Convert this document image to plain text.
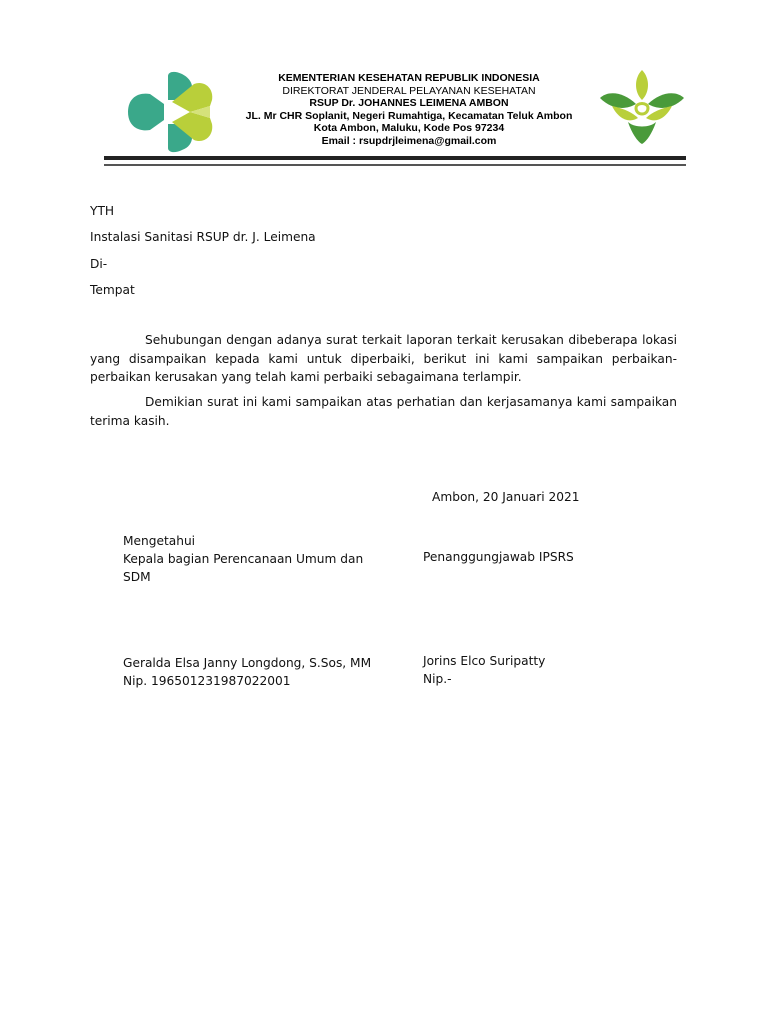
KEMENTERIAN KESEHATAN REPUBLIK INDONESIA
DIREKTORAT JENDERAL PELAYANAN KESEHATAN
RSUP Dr. JOHANNES LEIMENA AMBON
JL. Mr CHR Soplanit, Negeri Rumahtiga, Kecamatan Teluk Ambon
Kota Ambon, Maluku, Kode Pos 97234
Email : rsupdrjleimena@gmail.com
YTH
Instalasi Sanitasi RSUP dr. J. Leimena
Di-
Tempat
Sehubungan dengan adanya surat terkait laporan terkait kerusakan dibeberapa lokasi yang disampaikan kepada kami untuk diperbaiki, berikut ini kami sampaikan perbaikan-perbaikan kerusakan yang telah kami perbaiki sebagaimana terlampir.
Demikian surat ini kami sampaikan atas perhatian dan kerjasamanya kami sampaikan terima kasih.
Ambon, 20 Januari 2021
Mengetahui
Kepala bagian Perencanaan Umum dan
SDM
Penanggungjawab IPSRS
Geralda Elsa Janny Longdong, S.Sos, MM
Nip. 196501231987022001
Jorins Elco Suripatty
Nip.-
